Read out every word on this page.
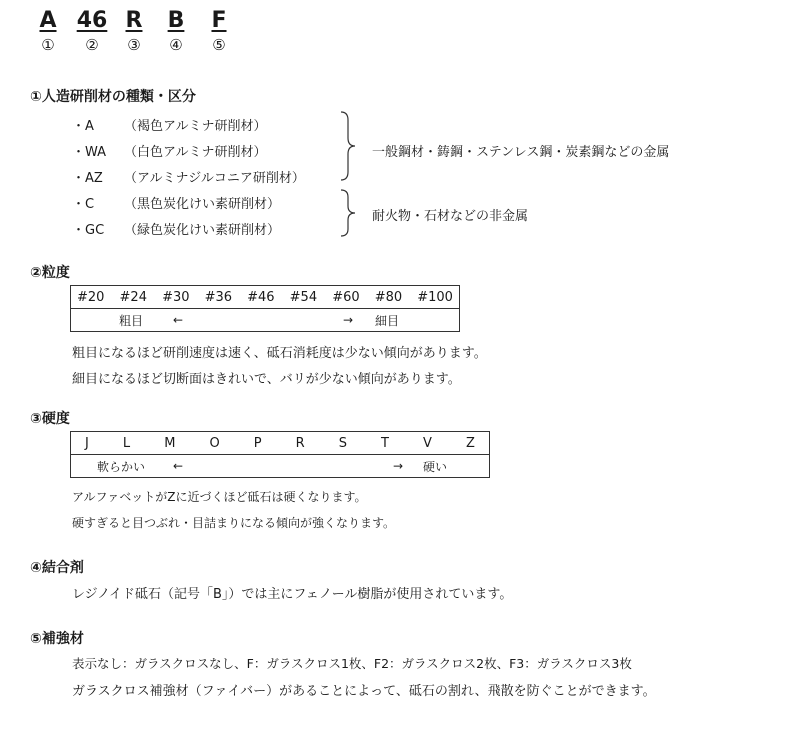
A 46 R B F
① ② ③ ④ ⑤
①人造研削材の種類・区分
・A （褐色アルミナ研削材）
・WA （白色アルミナ研削材）
・AZ （アルミナジルコニア研削材）
・C （黒色炭化けい素研削材）
・GC （緑色炭化けい素研削材）
一般鋼材・鋳鋼・ステンレス鋼・炭素鋼などの金属
耐火物・石材などの非金属
②粒度
#20 #24 #30 #36 #46 #54 #60 #80 #100

粗目 ←	→ 細目
粗目になるほど研削速度は速く、砥石消耗度は少ない傾向があります。
細目になるほど切断面はきれいで、バリが少ない傾向があります。
③硬度
J	L	M	O	P	R	S	T	V	Z

軟らかい ←	→ 硬い
アルファベットがZに近づくほど砥石は硬くなります。
硬すぎると目つぶれ・目詰まりになる傾向が強くなります。
④結合剤
レジノイド砥石（記号「B」）では主にフェノール樹脂が使用されています。
⑤補強材
表示なし：ガラスクロスなし、F：ガラスクロス1枚、F2：ガラスクロス2枚、F3：ガラスクロス3枚
ガラスクロス補強材（ファイバー）があることによって、砥石の割れ、飛散を防ぐことができます。
